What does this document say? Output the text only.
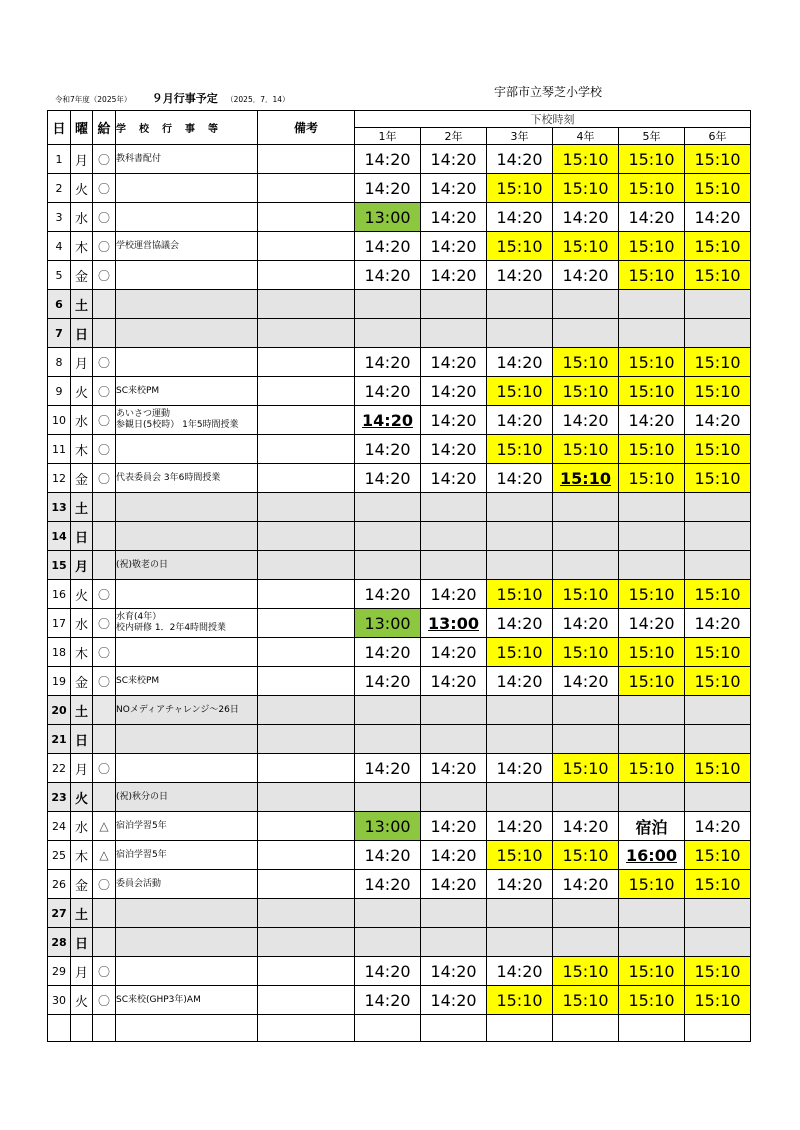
令和7年度（2025年） ９月行事予定 （2025．7．14）
宇部市立琴芝小学校
日	曜	給	学校行事等	備考	下校時刻					
					1年	2年	3年	4年	5年	6年
1	月	〇	教科書配付		14:20	14:20	14:20	15:10	15:10	15:10
2	火	〇			14:20	14:20	15:10	15:10	15:10	15:10
3	水	〇			13:00	14:20	14:20	14:20	14:20	14:20
4	木	〇	学校運営協議会		14:20	14:20	15:10	15:10	15:10	15:10
5	金	〇			14:20	14:20	14:20	14:20	15:10	15:10
6	土		

7	日		

8	月	〇			14:20	14:20	14:20	15:10	15:10	15:10
9	火	〇	SC来校PM		14:20	14:20	15:10	15:10	15:10	15:10
10	水	〇	あいさつ運動
参観日(5校時） 1年5時間授業		14:20	14:20	14:20	14:20	14:20	14:20
11	木	〇			14:20	14:20	15:10	15:10	15:10	15:10
12	金	〇	代表委員会 3年6時間授業		14:20	14:20	14:20	15:10	15:10	15:10
13	土		

14	日		

15	月		(祝)敬老の日							

16	火	〇			14:20	14:20	15:10	15:10	15:10	15:10
17	水	〇	水育(4年）
校内研修 1．2年4時間授業		13:00	13:00	14:20	14:20	14:20	14:20
18	木	〇			14:20	14:20	15:10	15:10	15:10	15:10
19	金	〇	SC来校PM		14:20	14:20	14:20	14:20	15:10	15:10
20	土		NOメディアチャレンジ～26日							

21	日		

22	月	〇			14:20	14:20	14:20	15:10	15:10	15:10
23	火		(祝)秋分の日							

24	水	△	宿泊学習5年		13:00	14:20	14:20	14:20	宿泊	14:20
25	木	△	宿泊学習5年		14:20	14:20	15:10	15:10	16:00	15:10
26	金	〇	委員会活動		14:20	14:20	14:20	14:20	15:10	15:10
27	土		

28	日		

29	月	〇			14:20	14:20	14:20	15:10	15:10	15:10
30	火	〇	SC来校(GHP3年)AM		14:20	14:20	15:10	15:10	15:10	15:10
